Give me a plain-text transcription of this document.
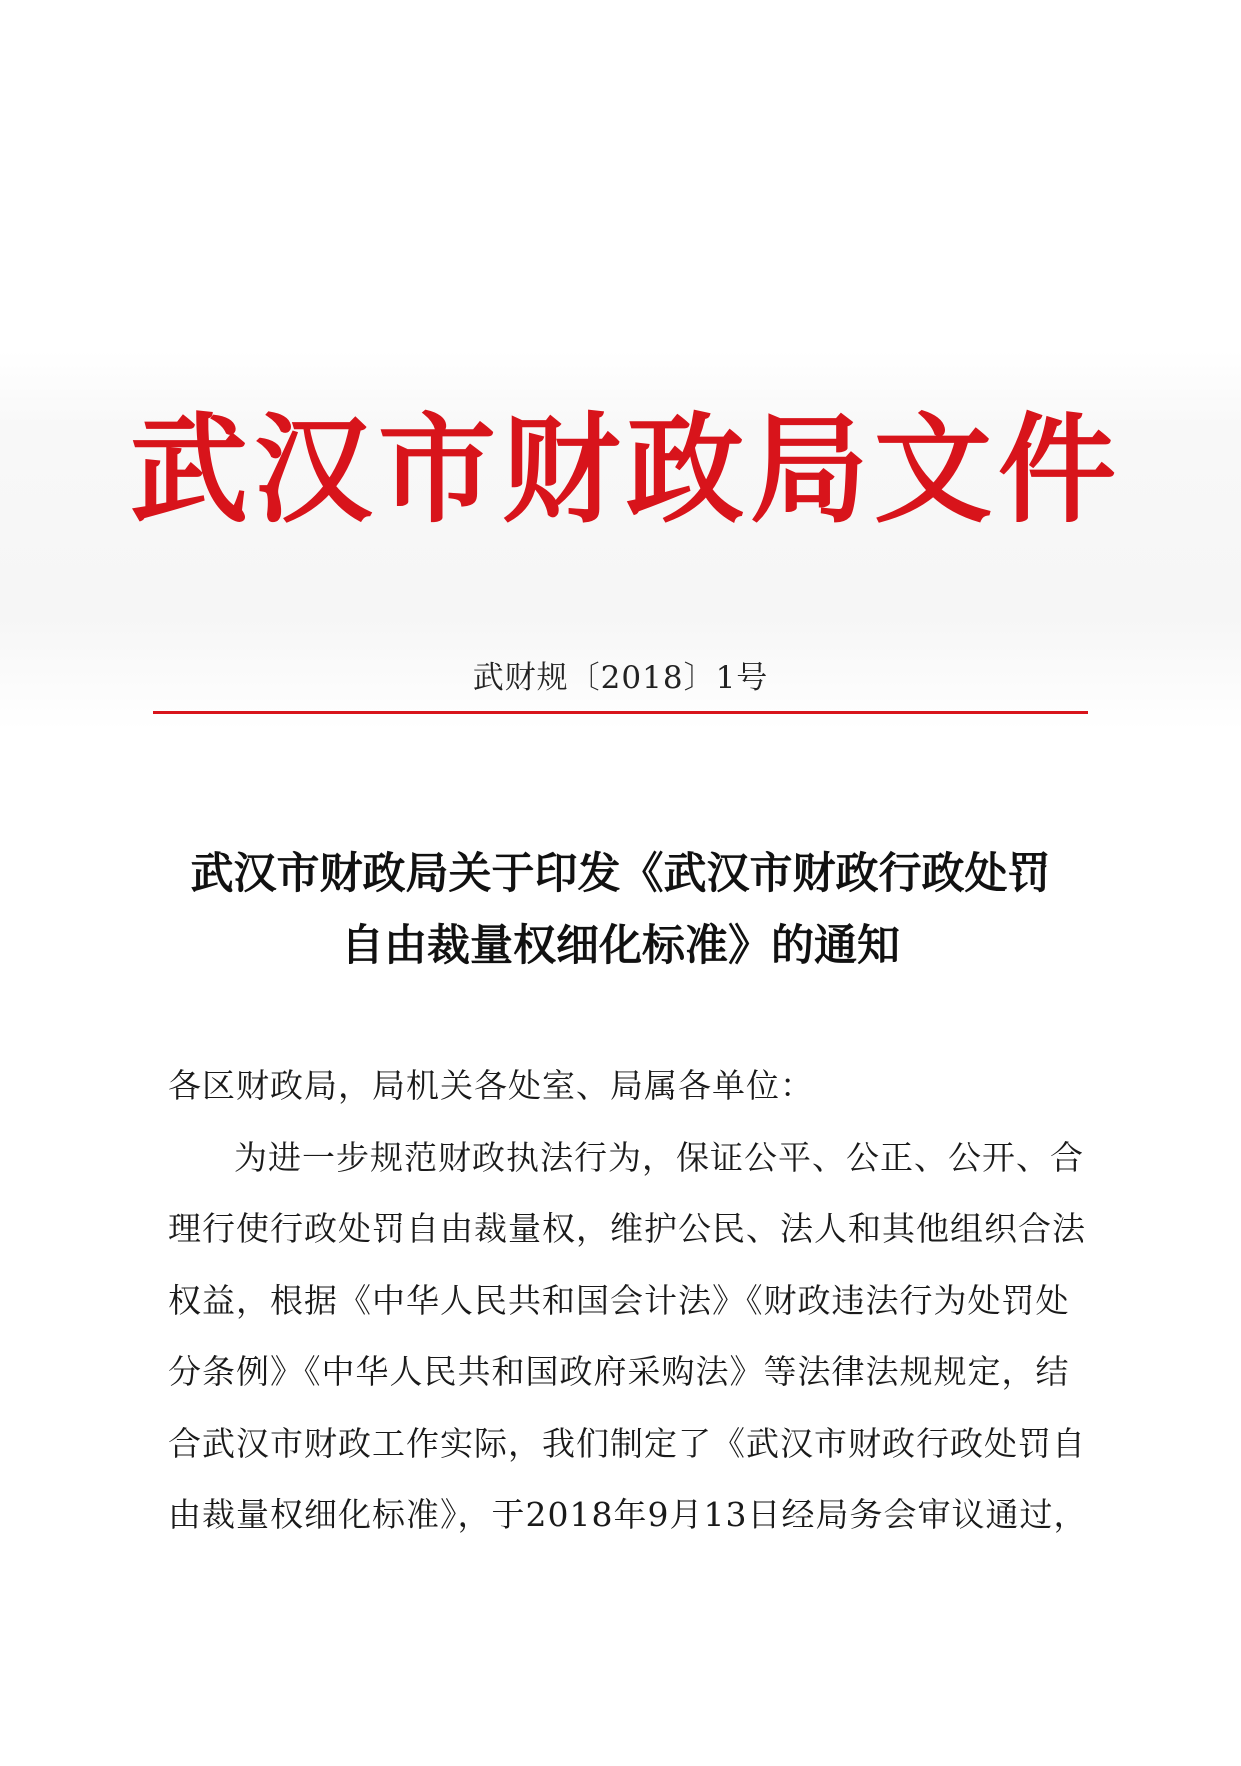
武汉市财政局文件
武财规〔2018〕1号
武汉市财政局关于印发《武汉市财政行政处罚
自由裁量权细化标准》的通知
各区财政局，局机关各处室、局属各单位：
为进一步规范财政执法行为，保证公平、公正、公开、合
理行使行政处罚自由裁量权，维护公民、法人和其他组织合法
权益，根据《中华人民共和国会计法》《财政违法行为处罚处
分条例》《中华人民共和国政府采购法》等法律法规规定，结
合武汉市财政工作实际，我们制定了《武汉市财政行政处罚自
由裁量权细化标准》，于2018年9月13日经局务会审议通过，
